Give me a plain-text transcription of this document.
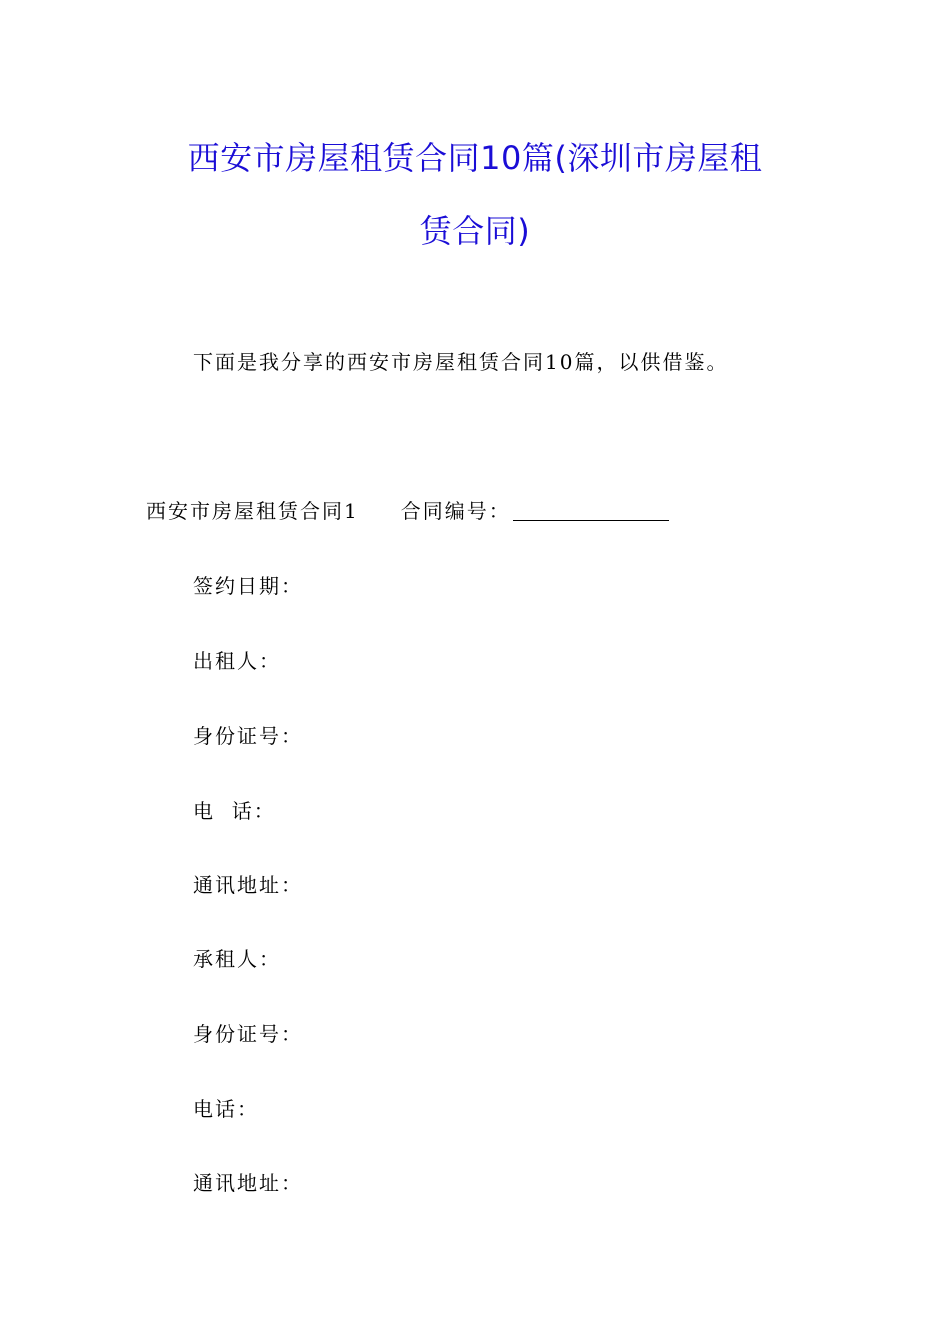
西安市房屋租赁合同10篇(深圳市房屋租
赁合同)
下面是我分享的西安市房屋租赁合同10篇，以供借鉴。
西安市房屋租赁合同1 合同编号：
签约日期：
出租人：
身份证号：
电  话：
通讯地址：
承租人：
身份证号：
电话：
通讯地址：
